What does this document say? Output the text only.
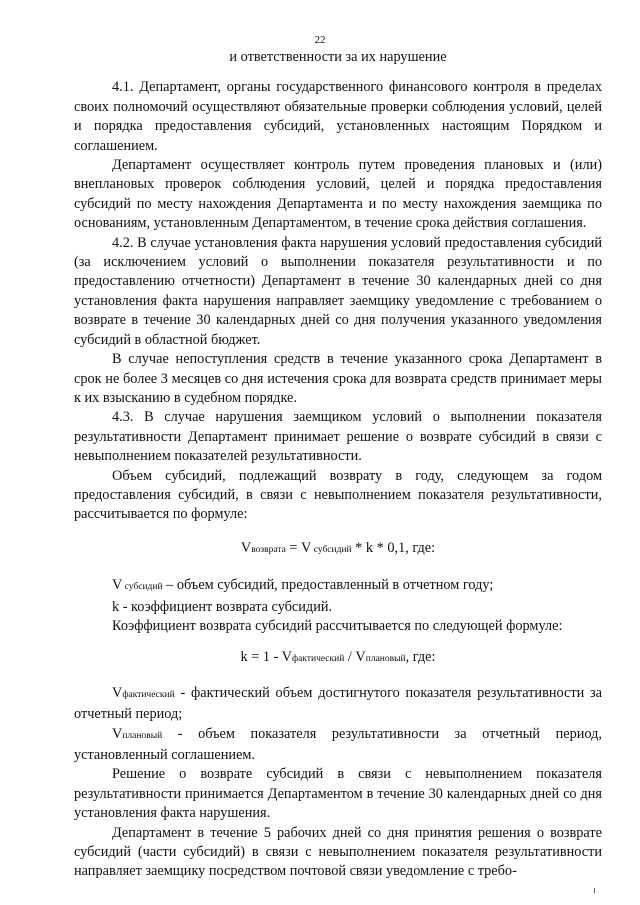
22

и ответственности за их нарушение

4.1. Департамент, органы государственного финансового контроля в пределах своих полномочий осуществляют обязательные проверки соблюдения условий, целей и порядка предоставления субсидий, установленных настоящим Порядком и соглашением.

Департамент осуществляет контроль путем проведения плановых и (или) внеплановых проверок соблюдения условий, целей и порядка предоставления субсидий по месту нахождения Департамента и по месту нахождения заемщика по основаниям, установленным Департаментом, в течение срока действия соглашения.

4.2. В случае установления факта нарушения условий предоставления субсидий (за исключением условий о выполнении показателя результативности и по предоставлению отчетности) Департамент в течение 30 календарных дней со дня установления факта нарушения направляет заемщику уведомление с требованием о возврате в течение 30 календарных дней со дня получения указанного уведомления субсидий в областной бюджет.

В случае непоступления средств в течение указанного срока Департамент в срок не более 3 месяцев со дня истечения срока для возврата средств принимает меры к их взысканию в судебном порядке.

4.3. В случае нарушения заемщиком условий о выполнении показателя результативности Департамент принимает решение о возврате субсидий в связи с невыполнением показателей результативности.

Объем субсидий, подлежащий возврату в году, следующем за годом предоставления субсидий, в связи с невыполнением показателя результативности, рассчитывается по формуле:

Vвозврата = V субсидий * k * 0,1, где:

V субсидий – объем субсидий, предоставленный в отчетном году;

k - коэффициент возврата субсидий.

Коэффициент возврата субсидий рассчитывается по следующей формуле:

k = 1 - Vфактический / Vплановый, где:

Vфактический - фактический объем достигнутого показателя результативности за отчетный период;

Vплановый - объем показателя результативности за отчетный период, установленный соглашением.

Решение о возврате субсидий в связи с невыполнением показателя результативности принимается Департаментом в течение 30 календарных дней со дня установления факта нарушения.

Департамент в течение 5 рабочих дней со дня принятия решения о возврате субсидий (части субсидий) в связи с невыполнением показателя результативности направляет заемщику посредством почтовой связи уведомление с требо-
